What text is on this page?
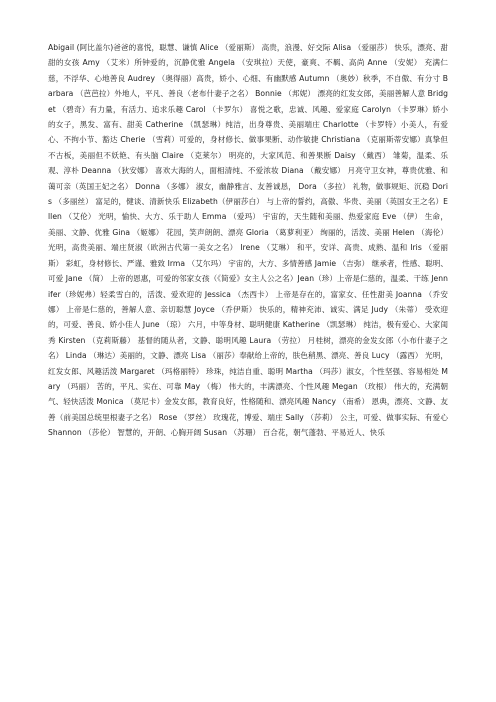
Abigail (阿比盖尔)爸爸的喜悦，聪慧、谦慎 Alice （爱丽斯） 高贵，浪漫、好交际 Alisa （爱丽莎） 快乐，漂亮、甜甜的女孩 Amy （艾米）所钟爱的，沉静优雅 Angela （安琪拉）天使，豪爽、不羁、高尚 Anne （安妮） 充满仁慈，不浮华、心地善良 Audrey （奥得丽）高贵，娇小、心细、有幽默感 Autumn （奥妙）秋季，不自傲、有分寸 Barbara （芭芭拉）外地人，平凡、善良（老布什妻子之名） Bonnie （邦妮） 漂亮的红发女郎，美丽善解人意 Bridget （碧奇）有力量，有活力、追求乐趣 Carol （卡罗尔） 喜悦之歌，忠诚、风趣、爱家庭 Carolyn （卡罗琳）娇小的女子，黑发、富有、甜美 Catherine （凯瑟琳）纯洁，出身尊贵、美丽端庄 Charlotte （卡罗特）小美人，有爱心、不拘小节、豁达 Cherie （雪莉）可爱的，身材修长、做事果断、动作敏捷 Christiana （克丽斯蒂安娜）真挚但不古板，美丽但不妖艳、有头脑 Claire （克莱尔） 明亮的，大家风范、和善果断 Daisy （戴西） 雏菊，温柔、乐观、淳朴 Deanna （狄安娜） 喜欢大海的人，面相清纯、不爱浓妆 Diana （戴安娜） 月亮守卫女神，尊贵优雅、和蔼可亲（英国王妃之名） Donna （多娜） 淑女，幽静雅言、友善诚恳， Dora （多拉） 礼物，做事规矩、沉稳 Doris （多丽丝） 富足的，健谈、清新快乐 Elizabeth（伊丽莎白） 与上帝的誓约，高傲、华贵、美丽（英国女王之名）Ellen （艾伦） 光明，愉快、大方、乐于助人 Emma （爱玛） 宇宙的，天生随和美丽、热爱家庭 Eve （伊） 生命，美丽、文静、优雅 Gina （姬娜） 花园，笑声朗朗、漂亮 Gloria （葛萝利亚） 绚丽的，活泼、美丽 Helen （海伦） 光明，高贵美丽、端庄贤淑（欧洲古代第一美女之名） Irene （艾琳） 和平，安详、高贵、成熟、温和 Iris （爱丽斯） 彩虹，身材修长、严谨、雅致 Irma （艾尔玛） 宇宙的，大方、多情善感 Jamie （吉弥） 继承者，性感、聪明、可爱 Jane （简） 上帝的恩惠，可爱的邻家女孩（《简爱》女主人公之名）Jean（珍）上帝是仁慈的，温柔、干练 Jennifer（珍妮弗）轻柔雪白的，活泼、爱欢迎的 Jessica （杰西卡） 上帝是存在的，富家女、任性甜美 Joanna （乔安娜） 上帝是仁慈的，善解人意、亲切聪慧 Joyce （乔伊斯） 快乐的，精神充沛、诚实、满足 Judy （朱蒂） 受欢迎的，可爱、善良、娇小佳人 June （琼） 六月，中等身材、聪明健康 Katherine （凯瑟琳） 纯洁，极有爱心、大家闺秀 Kirsten （克莉斯藤） 基督的随从者，文静、聪明风趣 Laura （劳拉） 月桂树，漂亮的金发女郎（小布什妻子之名） Linda （琳达）美丽的，文静、漂亮 Lisa （丽莎）奉献给上帝的，肤色稍黑、漂亮、善良 Lucy （露西） 光明，红发女郎、风趣活泼 Margaret （玛格丽特） 珍珠，纯洁自重、聪明 Martha （玛莎）淑女，个性坚强、容易相处 Mary （玛丽） 苦的，平凡、实在、可靠 May （梅） 伟大的，丰满漂亮、个性风趣 Megan （玫根） 伟大的，充满朝气、轻快活泼 Monica （莫尼卡）金发女郎，教育良好，性格随和、漂亮风趣 Nancy （南希） 恩典，漂亮、文静、友善（前美国总统里根妻子之名） Rose （罗丝） 玫瑰花，博爱、端庄 Sally （莎莉） 公主，可爱、做事实际、有爱心 Shannon （莎伦） 智慧的，开朗、心胸开阔 Susan （苏珊） 百合花，朝气蓬勃、平易近人、快乐
